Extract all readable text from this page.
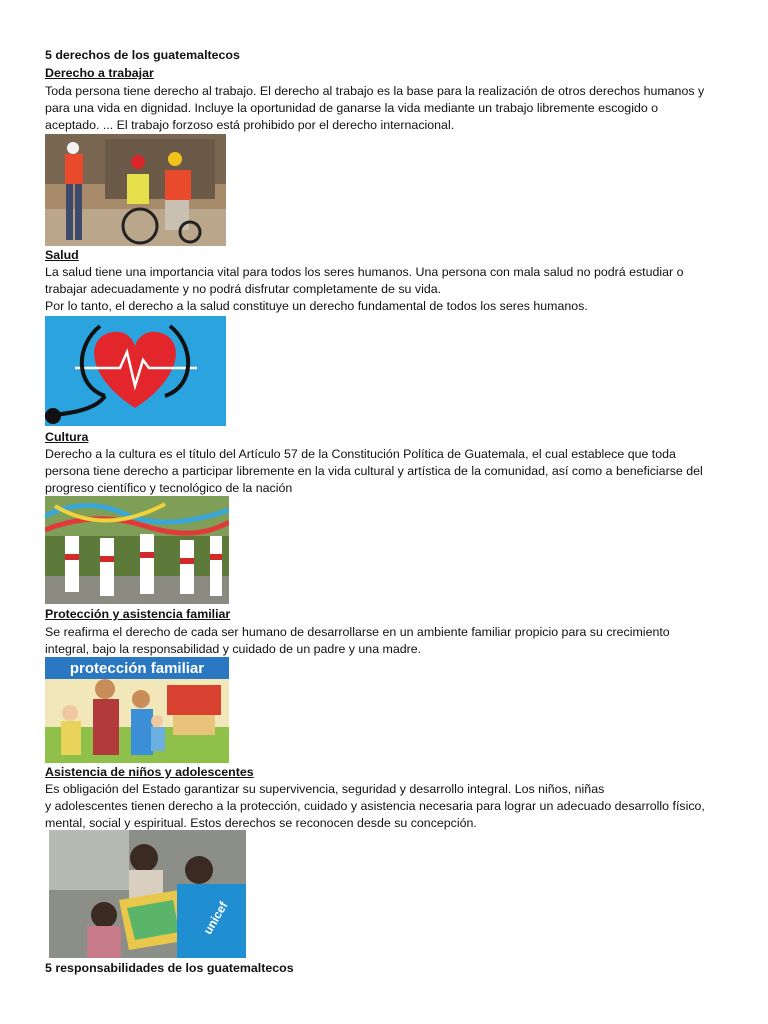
5 derechos de los guatemaltecos
Derecho a trabajar
Toda persona tiene derecho al trabajo. El derecho al trabajo es la base para la realización de otros derechos humanos y
para una vida en dignidad. Incluye la oportunidad de ganarse la vida mediante un trabajo libremente escogido o
aceptado. ... El trabajo forzoso está prohibido por el derecho internacional.
Salud
La salud tiene una importancia vital para todos los seres humanos. Una persona con mala salud no podrá estudiar o
trabajar adecuadamente y no podrá disfrutar completamente de su vida.
Por lo tanto, el derecho a la salud constituye un derecho fundamental de todos los seres humanos.
Cultura
Derecho a la cultura es el título del Artículo 57 de la Constitución Política de Guatemala, el cual establece que toda
persona tiene derecho a participar libremente en la vida cultural y artística de la comunidad, así como a beneficiarse del
progreso científico y tecnológico de la nación
Protección y asistencia familiar
Se reafirma el derecho de cada ser humano de desarrollarse en un ambiente familiar propicio para su crecimiento
integral, bajo la responsabilidad y cuidado de un padre y una madre.
protección familiar
Asistencia de niños y adolescentes
Es obligación del Estado garantizar su supervivencia, seguridad y desarrollo integral. Los niños, niñas
y adolescentes tienen derecho a la protección, cuidado y asistencia necesaria para lograr un adecuado desarrollo físico,
mental, social y espiritual. Estos derechos se reconocen desde su concepción.
unicef
5 responsabilidades de los guatemaltecos
